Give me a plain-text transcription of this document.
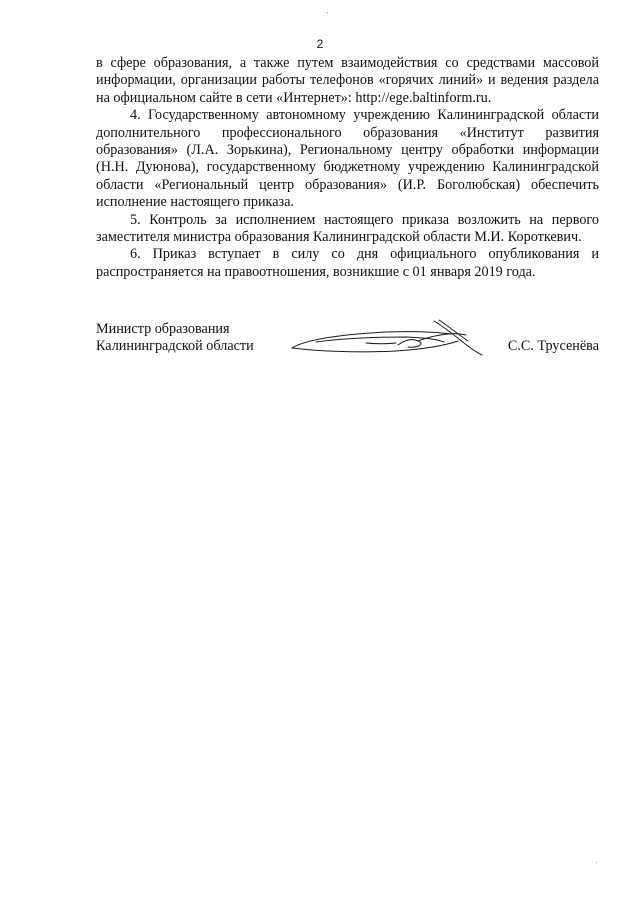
2

в сфере образования, а также путем взаимодействия со средствами массовой информации, организации работы телефонов «горячих линий» и ведения раздела на официальном сайте в сети «Интернет»: http://ege.baltinform.ru.

4. Государственному автономному учреждению Калининградской области дополнительного профессионального образования «Институт развития образования» (Л.А. Зорькина), Региональному центру обработки информации (Н.Н. Дуюнова), государственному бюджетному учреждению Калининградской области «Региональный центр образования» (И.Р. Боголюбская) обеспечить исполнение настоящего приказа.

5. Контроль за исполнением настоящего приказа возложить на первого заместителя министра образования Калининградской области М.И. Короткевич.

6. Приказ вступает в силу со дня официального опубликования и распространяется на правоотношения, возникшие с 01 января 2019 года.

Министр образования
Калининградской области	С.С. Трусенёва
